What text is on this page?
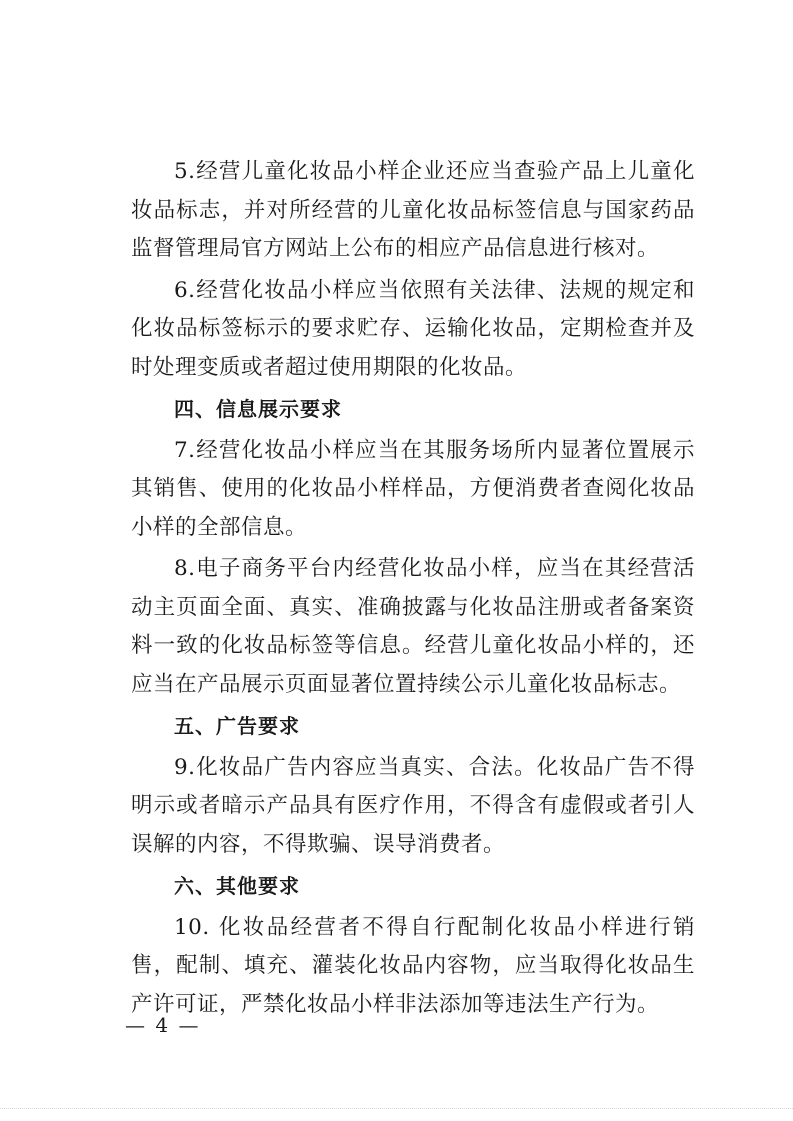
5.经营儿童化妆品小样企业还应当查验产品上儿童化妆品标志，并对所经营的儿童化妆品标签信息与国家药品监督管理局官方网站上公布的相应产品信息进行核对。

6.经营化妆品小样应当依照有关法律、法规的规定和化妆品标签标示的要求贮存、运输化妆品，定期检查并及时处理变质或者超过使用期限的化妆品。

四、信息展示要求

7.经营化妆品小样应当在其服务场所内显著位置展示其销售、使用的化妆品小样样品，方便消费者查阅化妆品小样的全部信息。

8.电子商务平台内经营化妆品小样，应当在其经营活动主页面全面、真实、准确披露与化妆品注册或者备案资料一致的化妆品标签等信息。经营儿童化妆品小样的，还应当在产品展示页面显著位置持续公示儿童化妆品标志。

五、广告要求

9.化妆品广告内容应当真实、合法。化妆品广告不得明示或者暗示产品具有医疗作用，不得含有虚假或者引人误解的内容，不得欺骗、误导消费者。

六、其他要求

10. 化妆品经营者不得自行配制化妆品小样进行销售，配制、填充、灌装化妆品内容物，应当取得化妆品生产许可证，严禁化妆品小样非法添加等违法生产行为。

— 4 —
